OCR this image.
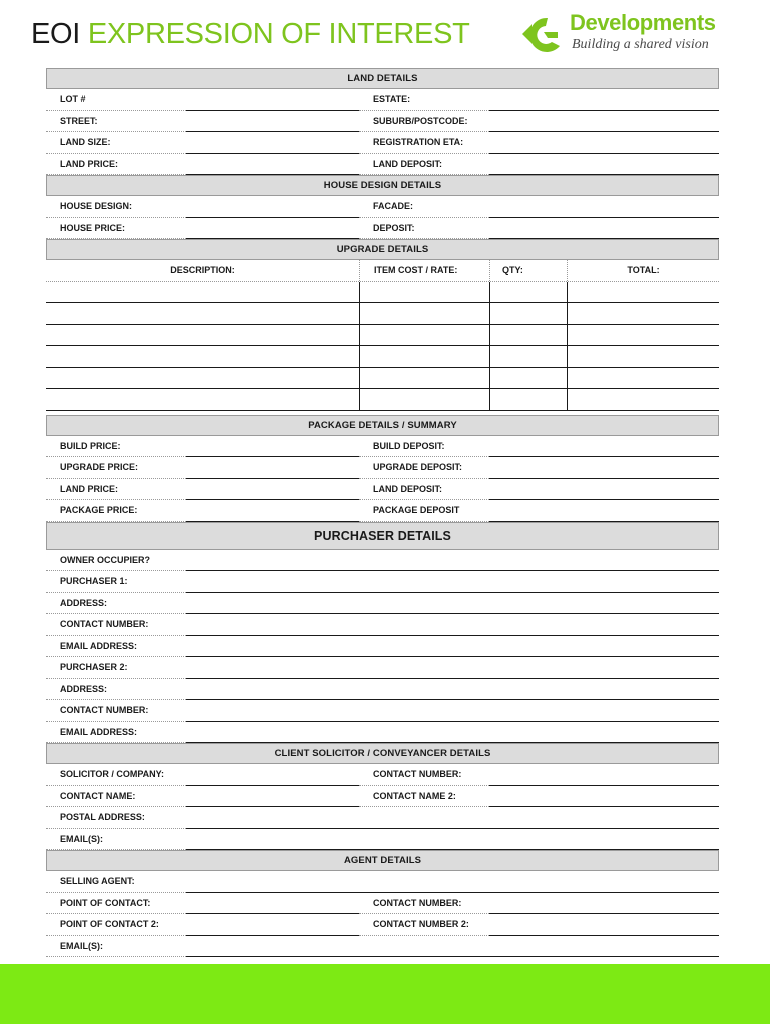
EOI EXPRESSION OF INTEREST	Developments
Building a shared vision
LAND DETAILS
LOT #	ESTATE:
STREET:	SUBURB/POSTCODE:
LAND SIZE:	REGISTRATION ETA:
LAND PRICE:	LAND DEPOSIT:
HOUSE DESIGN DETAILS
HOUSE DESIGN:	FACADE:
HOUSE PRICE:	DEPOSIT:
UPGRADE DETAILS
DESCRIPTION:	ITEM COST / RATE:	QTY:	TOTAL:
PACKAGE DETAILS / SUMMARY
BUILD PRICE:	BUILD DEPOSIT:
UPGRADE PRICE:	UPGRADE DEPOSIT:
LAND PRICE:	LAND DEPOSIT:
PACKAGE PRICE:	PACKAGE DEPOSIT
PURCHASER DETAILS
OWNER OCCUPIER?
PURCHASER 1:
ADDRESS:
CONTACT NUMBER:
EMAIL ADDRESS:
PURCHASER 2:
ADDRESS:
CONTACT NUMBER:
EMAIL ADDRESS:
CLIENT SOLICITOR / CONVEYANCER DETAILS
SOLICITOR / COMPANY:	CONTACT NUMBER:
CONTACT NAME:	CONTACT NAME 2:
POSTAL ADDRESS:
EMAIL(S):
AGENT DETAILS
SELLING AGENT:
POINT OF CONTACT:	CONTACT NUMBER:
POINT OF CONTACT 2:	CONTACT NUMBER 2:
EMAIL(S):
